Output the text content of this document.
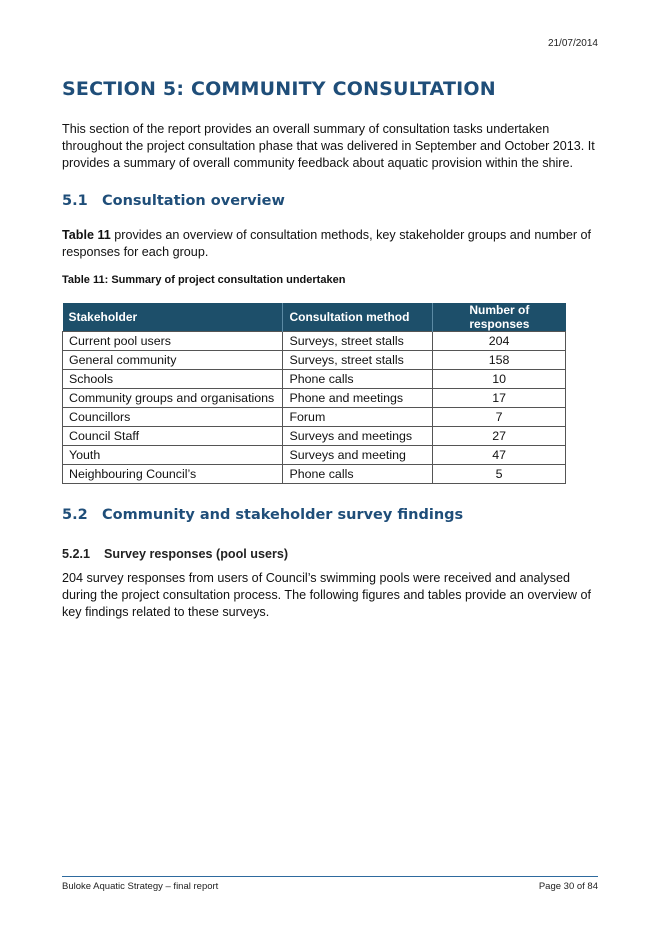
21/07/2014
SECTION 5: COMMUNITY CONSULTATION

This section of the report provides an overall summary of consultation tasks undertaken throughout the project consultation phase that was delivered in September and October 2013. It provides a summary of overall community feedback about aquatic provision within the shire.

5.1 Consultation overview

Table 11 provides an overview of consultation methods, key stakeholder groups and number of responses for each group.

Table 11: Summary of project consultation undertaken

Stakeholder	Consultation method	Number of responses
Current pool users	Surveys, street stalls	204
General community	Surveys, street stalls	158
Schools	Phone calls	10
Community groups and organisations	Phone and meetings	17
Councillors	Forum	7
Council Staff	Surveys and meetings	27
Youth	Surveys and meeting	47
Neighbouring Council’s	Phone calls	5
5.2 Community and stakeholder survey findings
5.2.1 Survey responses (pool users)

204 survey responses from users of Council’s swimming pools were received and analysed during the project consultation process. The following figures and tables provide an overview of key findings related to these surveys.

Buloke Aquatic Strategy – final report	Page 30 of 84
